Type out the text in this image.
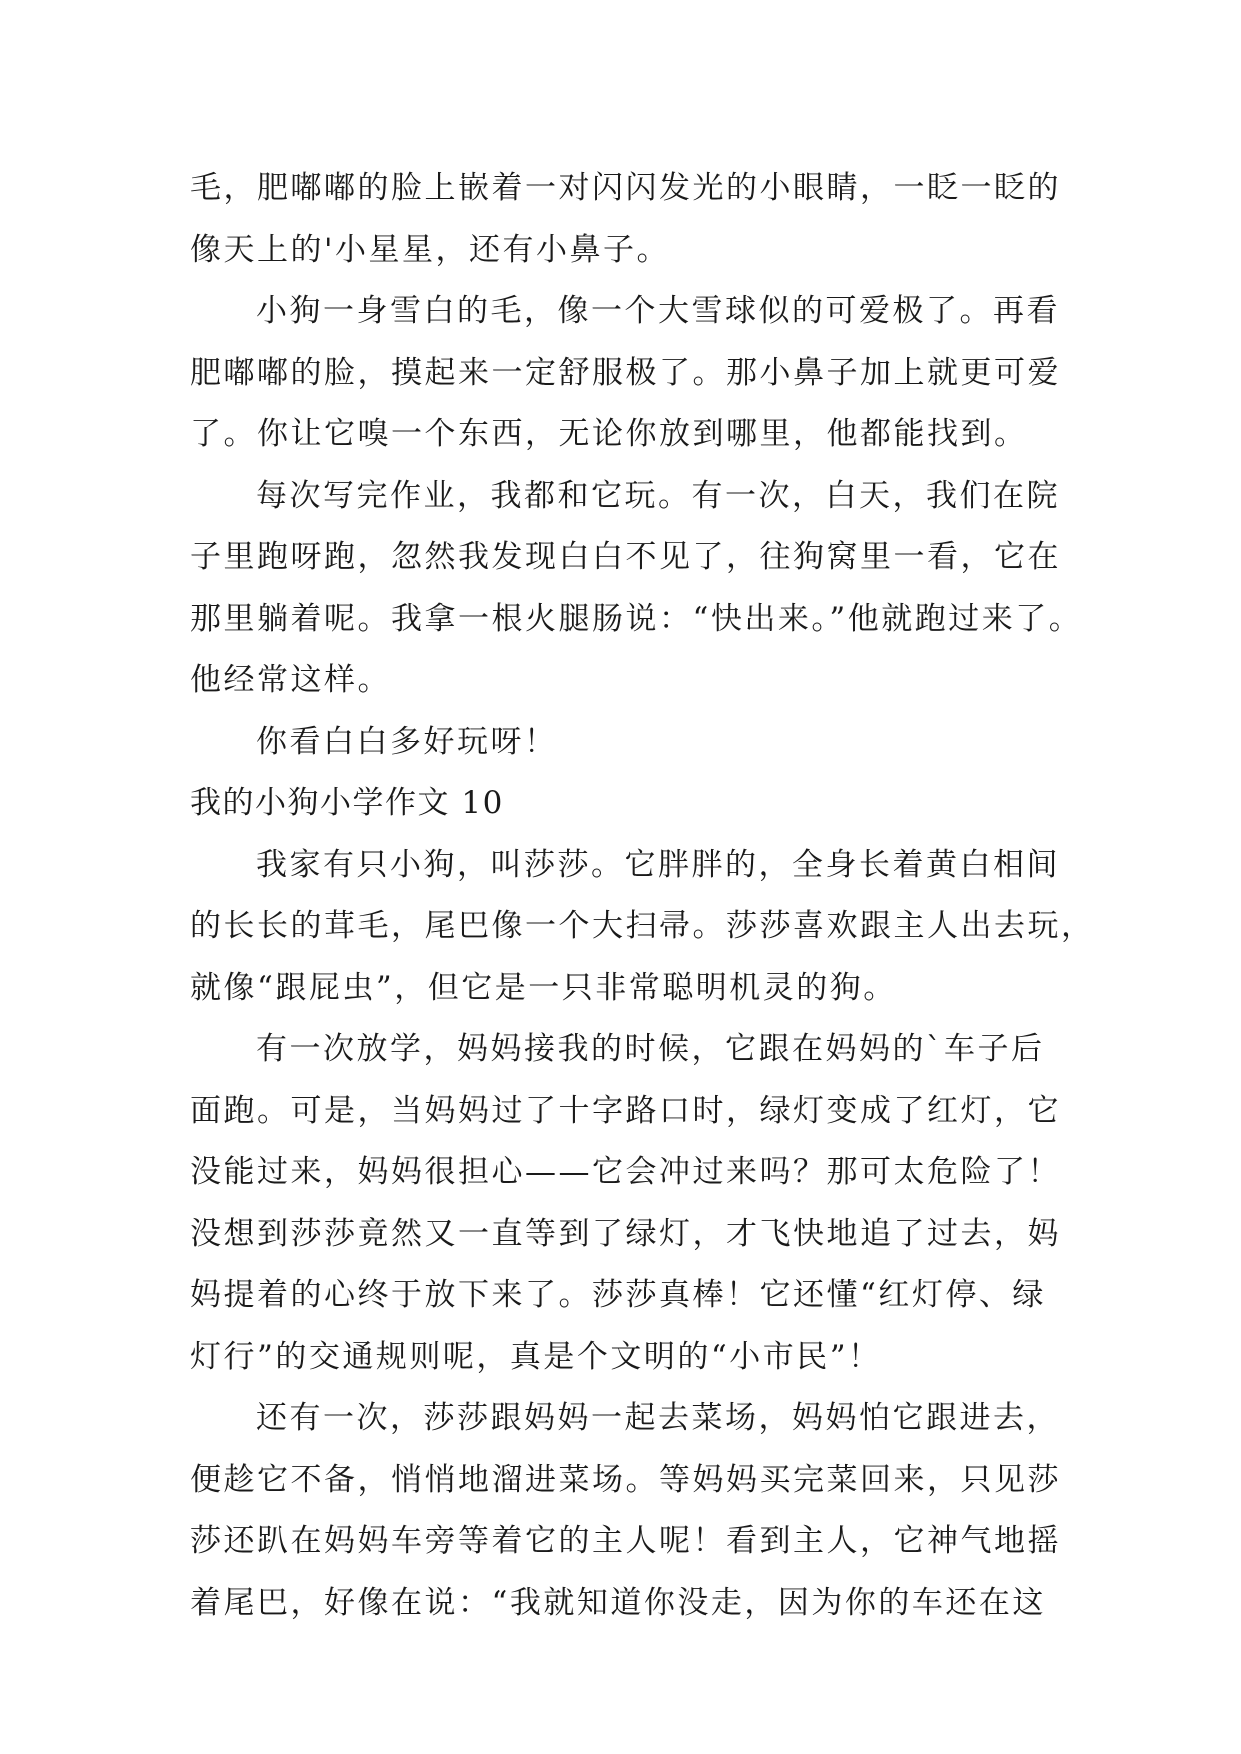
毛，肥嘟嘟的脸上嵌着一对闪闪发光的小眼睛，一眨一眨的
像天上的'小星星，还有小鼻子。
小狗一身雪白的毛，像一个大雪球似的可爱极了。再看
肥嘟嘟的脸，摸起来一定舒服极了。那小鼻子加上就更可爱
了。你让它嗅一个东西，无论你放到哪里，他都能找到。
每次写完作业，我都和它玩。有一次，白天，我们在院
子里跑呀跑，忽然我发现白白不见了，往狗窝里一看，它在
那里躺着呢。我拿一根火腿肠说：“快出来。”他就跑过来了。
他经常这样。
你看白白多好玩呀！
我的小狗小学作文 10
我家有只小狗，叫莎莎。它胖胖的，全身长着黄白相间
的长长的茸毛，尾巴像一个大扫帚。莎莎喜欢跟主人出去玩，
就像“跟屁虫”，但它是一只非常聪明机灵的狗。
有一次放学，妈妈接我的时候，它跟在妈妈的`车子后
面跑。可是，当妈妈过了十字路口时，绿灯变成了红灯，它
没能过来，妈妈很担心——它会冲过来吗？那可太危险了！
没想到莎莎竟然又一直等到了绿灯，才飞快地追了过去，妈
妈提着的心终于放下来了。莎莎真棒！它还懂“红灯停、绿
灯行”的交通规则呢，真是个文明的“小市民”！
还有一次，莎莎跟妈妈一起去菜场，妈妈怕它跟进去，
便趁它不备，悄悄地溜进菜场。等妈妈买完菜回来，只见莎
莎还趴在妈妈车旁等着它的主人呢！看到主人，它神气地摇
着尾巴，好像在说：“我就知道你没走，因为你的车还在这
